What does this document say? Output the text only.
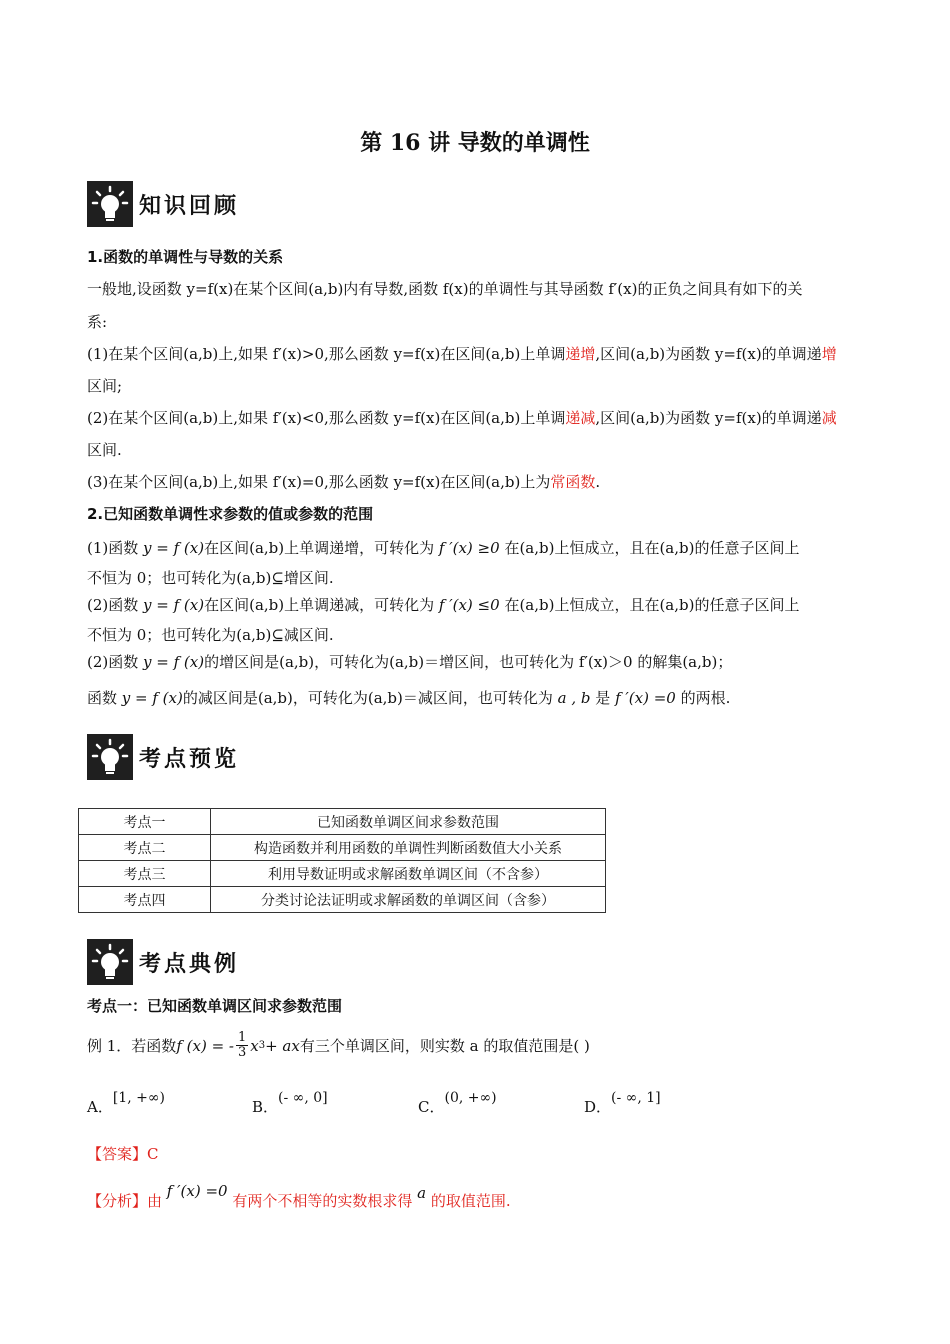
第 16 讲 导数的单调性
知识回顾
1.函数的单调性与导数的关系
一般地,设函数 y=f(x)在某个区间(a,b)内有导数,函数 f(x)的单调性与其导函数 f′(x)的正负之间具有如下的关
系:
(1)在某个区间(a,b)上,如果 f′(x)>0,那么函数 y=f(x)在区间(a,b)上单调递增,区间(a,b)为函数 y=f(x)的单调递增
区间;
(2)在某个区间(a,b)上,如果 f′(x)<0,那么函数 y=f(x)在区间(a,b)上单调递减,区间(a,b)为函数 y=f(x)的单调递减
区间.
(3)在某个区间(a,b)上,如果 f′(x)=0,那么函数 y=f(x)在区间(a,b)上为常函数.
2.已知函数单调性求参数的值或参数的范围
(1)函数 y = f (x)在区间(a,b)上单调递增，可转化为 f ′(x) ≥0 在(a,b)上恒成立，且在(a,b)的任意子区间上
不恒为 0；也可转化为(a,b)⊆增区间.
(2)函数 y = f (x)在区间(a,b)上单调递减，可转化为 f ′(x) ≤0 在(a,b)上恒成立，且在(a,b)的任意子区间上
不恒为 0；也可转化为(a,b)⊆减区间.
(2)函数 y = f (x)的增区间是(a,b)，可转化为(a,b)＝增区间，也可转化为 f′(x)＞0 的解集(a,b)；
函数 y = f (x)的减区间是(a,b)，可转化为(a,b)＝减区间，也可转化为 a , b 是 f ′(x) =0 的两根.
考点预览
考点一	已知函数单调区间求参数范围
考点二	构造函数并利用函数的单调性判断函数值大小关系
考点三	利用导数证明或求解函数单调区间（不含参）
考点四	分类讨论法证明或求解函数的单调区间（含参）
考点典例
考点一：已知函数单调区间求参数范围
例 1．若函数 f (x) = - $\frac{1}{3}$ x 3 + ax 有三个单调区间，则实数 a 的取值范围是( )
A．[1, +∞)	B．(- ∞, 0]	C．(0, +∞)	D．(- ∞, 1]
【答案】C
【分析】由 f ′(x) =0 有两个不相等的实数根求得 a 的取值范围.
